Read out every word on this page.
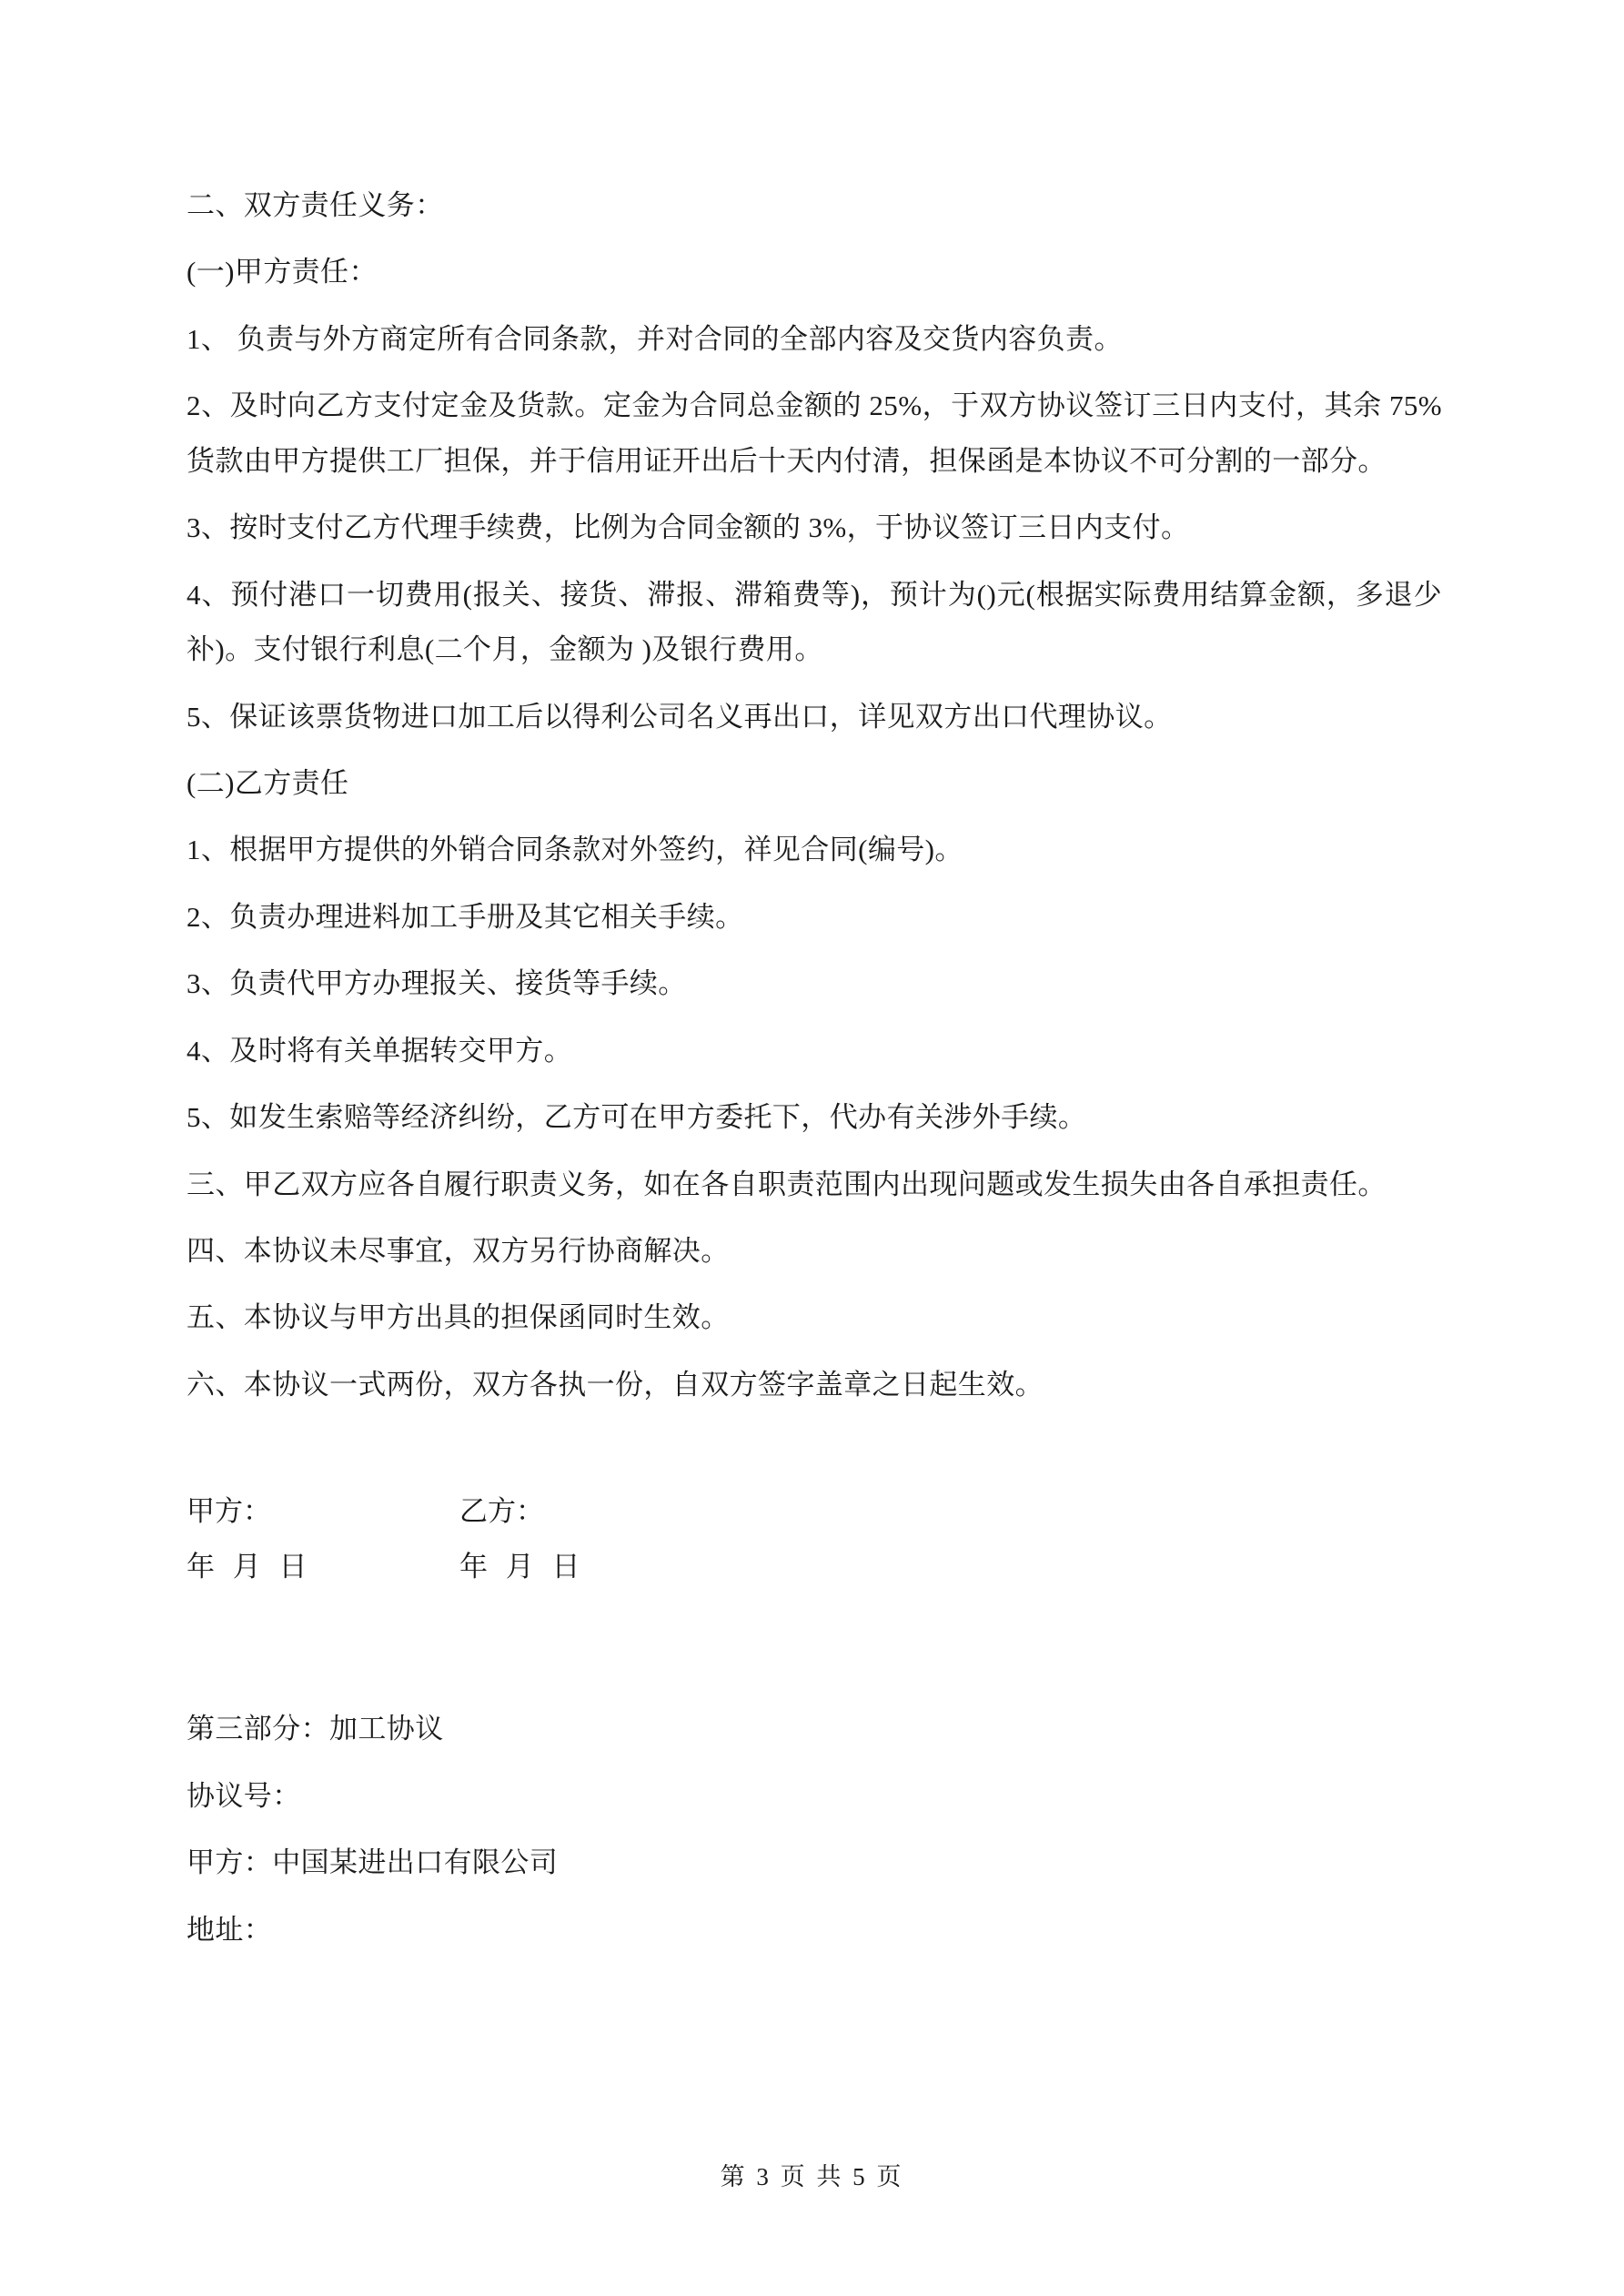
二、双方责任义务：

(一)甲方责任：

1、 负责与外方商定所有合同条款，并对合同的全部内容及交货内容负责。

2、及时向乙方支付定金及货款。定金为合同总金额的 25%，于双方协议签订三日内支付，其余 75%货款由甲方提供工厂担保，并于信用证开出后十天内付清，担保函是本协议不可分割的一部分。

3、按时支付乙方代理手续费，比例为合同金额的 3%，于协议签订三日内支付。

4、预付港口一切费用(报关、接货、滞报、滞箱费等)，预计为()元(根据实际费用结算金额，多退少补)。支付银行利息(二个月，金额为 )及银行费用。

5、保证该票货物进口加工后以得利公司名义再出口，详见双方出口代理协议。

(二)乙方责任

1、根据甲方提供的外销合同条款对外签约，祥见合同(编号)。

2、负责办理进料加工手册及其它相关手续。

3、负责代甲方办理报关、接货等手续。

4、及时将有关单据转交甲方。

5、如发生索赔等经济纠纷，乙方可在甲方委托下，代办有关涉外手续。

三、甲乙双方应各自履行职责义务，如在各自职责范围内出现问题或发生损失由各自承担责任。

四、本协议未尽事宜，双方另行协商解决。

五、本协议与甲方出具的担保函同时生效。

六、本协议一式两份，双方各执一份，自双方签字盖章之日起生效。

甲方：	乙方：
年 月 日	年 月 日

第三部分：加工协议

协议号：

甲方：中国某进出口有限公司

地址：

第 3 页 共 5 页
